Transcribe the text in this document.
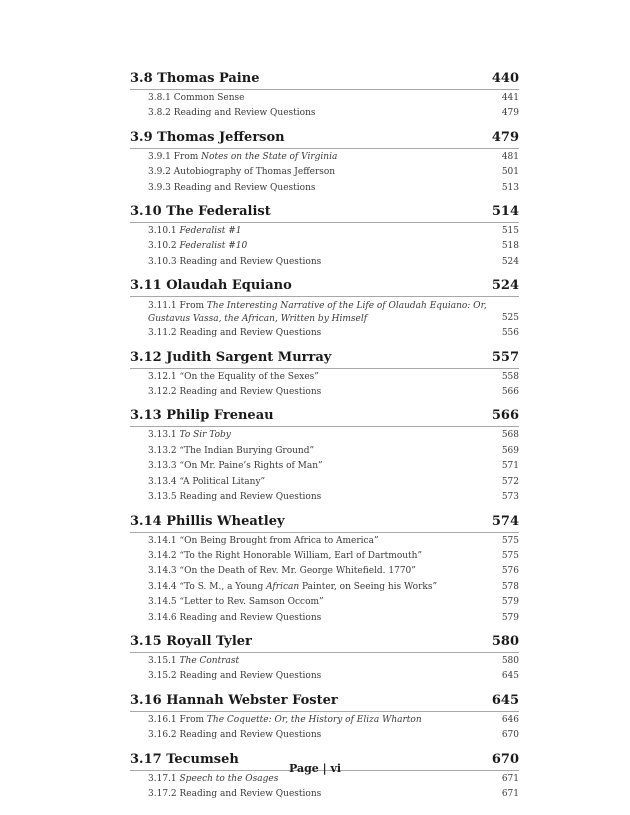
3.8 Thomas Paine	440
3.8.1 Common Sense	441
3.8.2 Reading and Review Questions	479
3.9 Thomas Jefferson	479
3.9.1 From Notes on the State of Virginia	481
3.9.2 Autobiography of Thomas Jefferson	501
3.9.3 Reading and Review Questions	513
3.10 The Federalist	514
3.10.1 Federalist #1	515
3.10.2 Federalist #10	518
3.10.3 Reading and Review Questions	524
3.11 Olaudah Equiano	524
3.11.1 From The Interesting Narrative of the Life of Olaudah Equiano: Or, Gustavus Vassa, the African, Written by Himself	525
3.11.2 Reading and Review Questions	556
3.12 Judith Sargent Murray	557
3.12.1 “On the Equality of the Sexes”	558
3.12.2 Reading and Review Questions	566
3.13 Philip Freneau	566
3.13.1 To Sir Toby	568
3.13.2 “The Indian Burying Ground”	569
3.13.3 “On Mr. Paine’s Rights of Man”	571
3.13.4 “A Political Litany”	572
3.13.5 Reading and Review Questions	573
3.14 Phillis Wheatley	574
3.14.1 “On Being Brought from Africa to America”	575
3.14.2 “To the Right Honorable William, Earl of Dartmouth”	575
3.14.3 “On the Death of Rev. Mr. George Whitefield. 1770”	576
3.14.4 “To S. M., a Young African Painter, on Seeing his Works”	578
3.14.5 “Letter to Rev. Samson Occom”	579
3.14.6 Reading and Review Questions	579
3.15 Royall Tyler	580
3.15.1 The Contrast	580
3.15.2 Reading and Review Questions	645
3.16 Hannah Webster Foster	645
3.16.1 From The Coquette: Or, the History of Eliza Wharton	646
3.16.2 Reading and Review Questions	670
3.17 Tecumseh	670
3.17.1 Speech to the Osages	671
3.17.2 Reading and Review Questions	671
Page | vi
